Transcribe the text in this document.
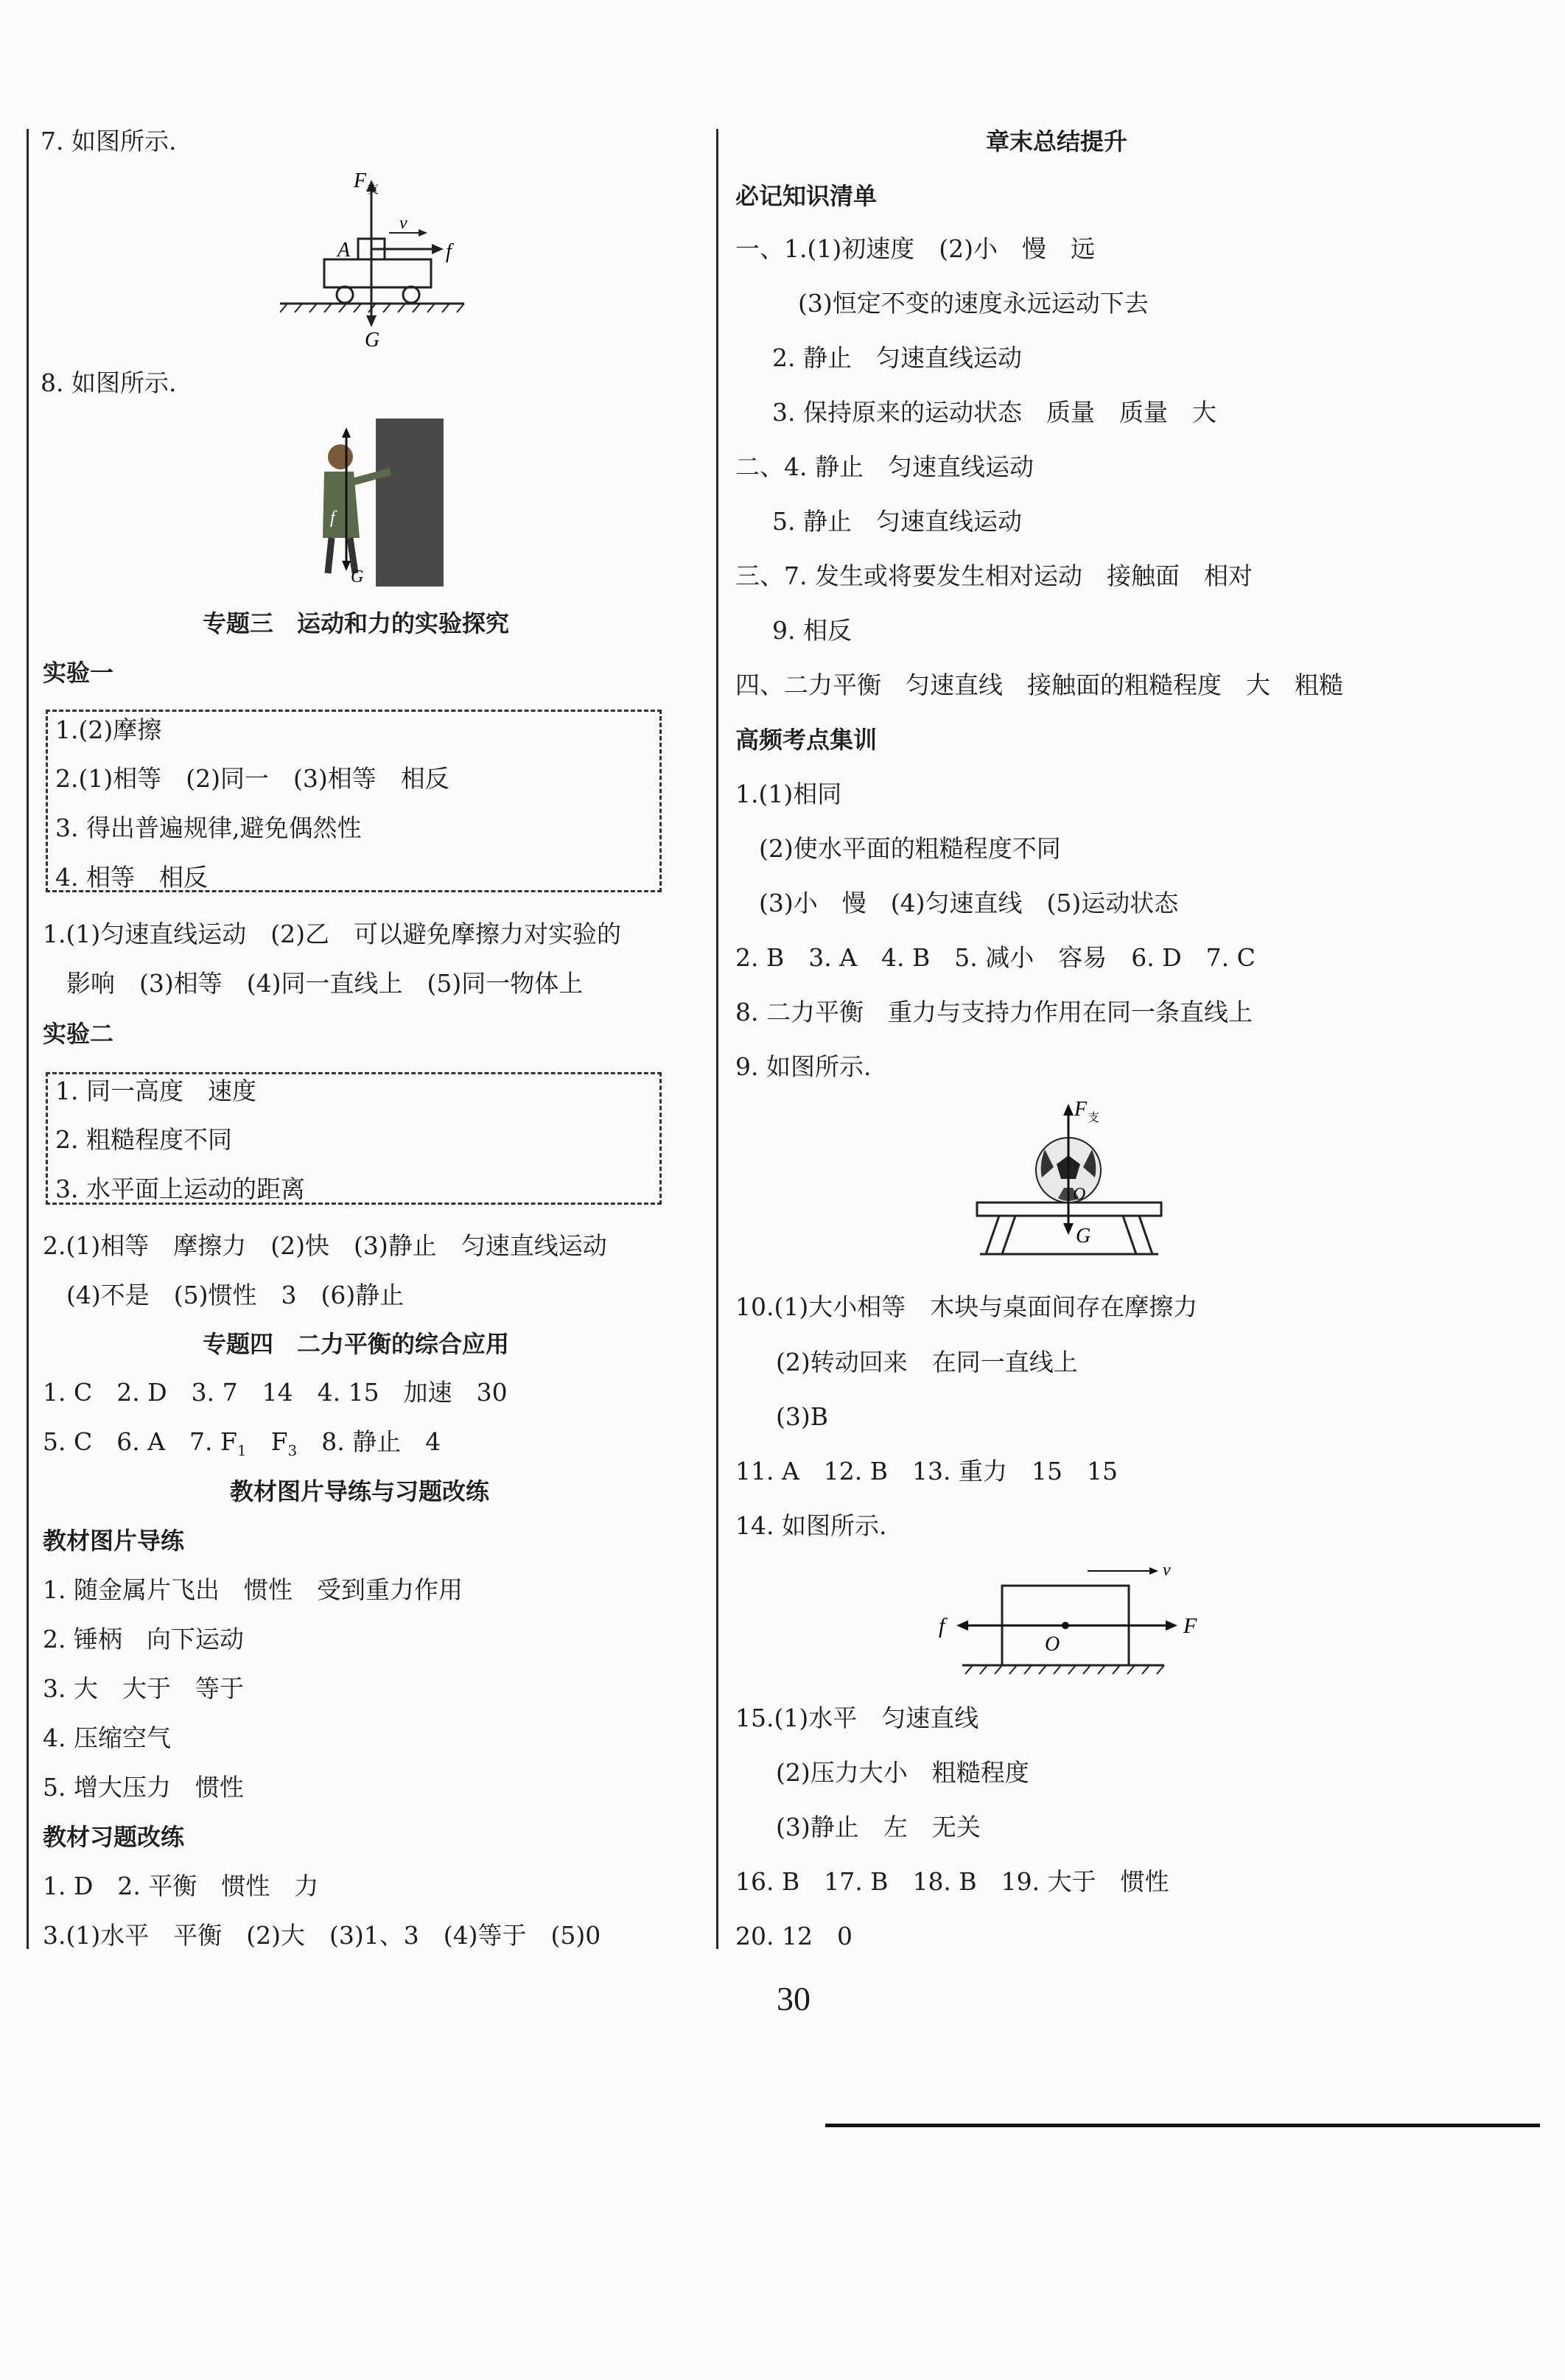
7. 如图所示.
F 支
A
v
f
G
8. 如图所示.
F
f
G
专题三　运动和力的实验探究
实验一
1.(2)摩擦
2.(1)相等　(2)同一　(3)相等　相反
3. 得出普遍规律,避免偶然性
4. 相等　相反
1.(1)匀速直线运动　(2)乙　可以避免摩擦力对实验的
影响　(3)相等　(4)同一直线上　(5)同一物体上
实验二
1. 同一高度　速度
2. 粗糙程度不同
3. 水平面上运动的距离
2.(1)相等　摩擦力　(2)快　(3)静止　匀速直线运动
(4)不是　(5)惯性　3　(6)静止
专题四　二力平衡的综合应用
1. C　2. D　3. 7　14　4. 15　加速　30
5. C　6. A　7. $F_1$　$F_3$　8. 静止　4
教材图片导练与习题改练
教材图片导练
1. 随金属片飞出　惯性　受到重力作用
2. 锤柄　向下运动
3. 大　大于　等于
4. 压缩空气
5. 增大压力　惯性
教材习题改练
1. D　2. 平衡　惯性　力
3.(1)水平　平衡　(2)大　(3)1、3　(4)等于　(5)0
章末总结提升
必记知识清单
一、1.(1)初速度　(2)小　慢　远
(3)恒定不变的速度永远运动下去
2. 静止　匀速直线运动
3. 保持原来的运动状态　质量　质量　大
二、4. 静止　匀速直线运动
5. 静止　匀速直线运动
三、7. 发生或将要发生相对运动　接触面　相对
9. 相反
四、二力平衡　匀速直线　接触面的粗糙程度　大　粗糙
高频考点集训
1.(1)相同
(2)使水平面的粗糙程度不同
(3)小　慢　(4)匀速直线　(5)运动状态
2. B　3. A　4. B　5. 减小　容易　6. D　7. C
8. 二力平衡　重力与支持力作用在同一条直线上
9. 如图所示.
F 支
O
G
10.(1)大小相等　木块与桌面间存在摩擦力
(2)转动回来　在同一直线上
(3)B
11. A　12. B　13. 重力　15　15
14. 如图所示.
f
O
F
v
15.(1)水平　匀速直线
(2)压力大小　粗糙程度
(3)静止　左　无关
16. B　17. B　18. B　19. 大于　惯性
20. 12　0
30
